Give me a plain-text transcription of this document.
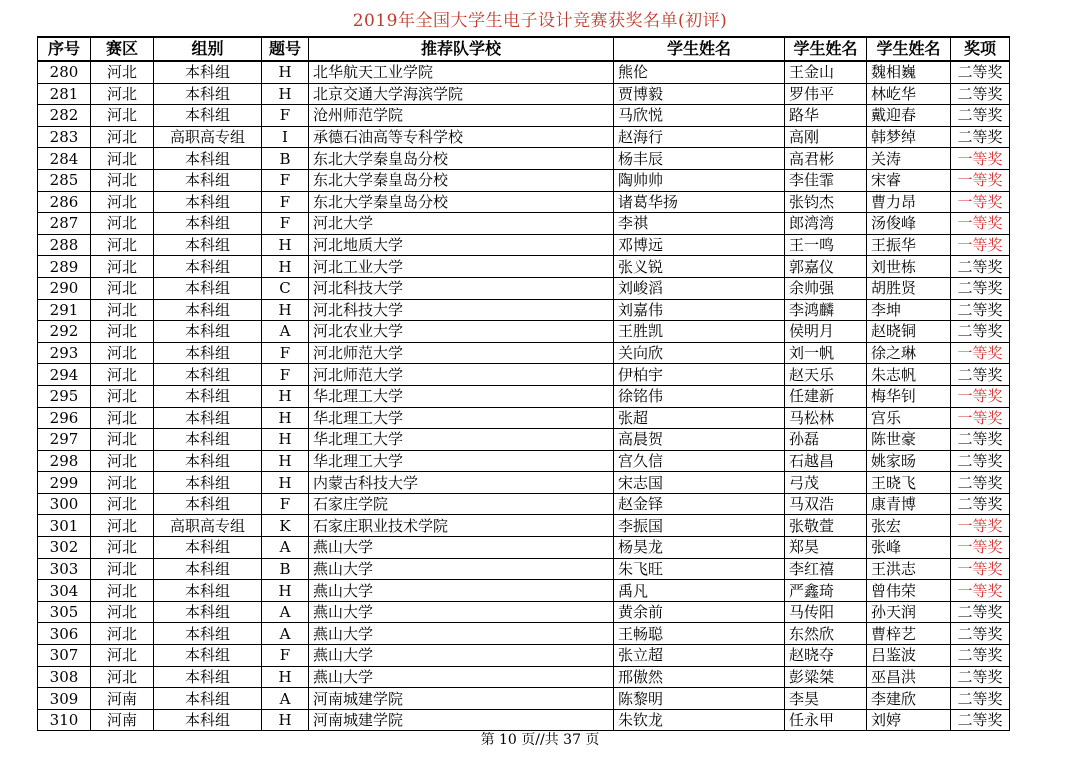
2019年全国大学生电子设计竞赛获奖名单(初评)
序号	赛区	组别	题号	推荐队学校	学生姓名	学生姓名	学生姓名	奖项
280	河北	本科组	H	北华航天工业学院	熊伦	王金山	魏相巍	二等奖
281	河北	本科组	H	北京交通大学海滨学院	贾博毅	罗伟平	林屹华	二等奖
282	河北	本科组	F	沧州师范学院	马欣悦	路华	戴迎春	二等奖
283	河北	高职高专组	I	承德石油高等专科学校	赵海行	高刚	韩梦绰	二等奖
284	河北	本科组	B	东北大学秦皇岛分校	杨丰辰	高君彬	关涛	一等奖
285	河北	本科组	F	东北大学秦皇岛分校	陶帅帅	李佳霏	宋睿	一等奖
286	河北	本科组	F	东北大学秦皇岛分校	诸葛华扬	张钧杰	曹力昂	一等奖
287	河北	本科组	F	河北大学	李祺	郎湾湾	汤俊峰	一等奖
288	河北	本科组	H	河北地质大学	邓博远	王一鸣	王振华	一等奖
289	河北	本科组	H	河北工业大学	张义锐	郭嘉仪	刘世栋	二等奖
290	河北	本科组	C	河北科技大学	刘峻滔	余帅强	胡胜贤	二等奖
291	河北	本科组	H	河北科技大学	刘嘉伟	李鸿麟	李坤	二等奖
292	河北	本科组	A	河北农业大学	王胜凯	侯明月	赵晓铜	二等奖
293	河北	本科组	F	河北师范大学	关向欣	刘一帆	徐之琳	一等奖
294	河北	本科组	F	河北师范大学	伊柏宇	赵天乐	朱志帆	二等奖
295	河北	本科组	H	华北理工大学	徐铭伟	任建新	梅华钊	一等奖
296	河北	本科组	H	华北理工大学	张超	马松林	宫乐	一等奖
297	河北	本科组	H	华北理工大学	高晨贺	孙磊	陈世豪	二等奖
298	河北	本科组	H	华北理工大学	宫久信	石越昌	姚家旸	二等奖
299	河北	本科组	H	内蒙古科技大学	宋志国	弓茂	王晓飞	二等奖
300	河北	本科组	F	石家庄学院	赵金铎	马双浩	康青博	二等奖
301	河北	高职高专组	K	石家庄职业技术学院	李振国	张敬萱	张宏	一等奖
302	河北	本科组	A	燕山大学	杨昊龙	郑昊	张峰	一等奖
303	河北	本科组	B	燕山大学	朱飞旺	李红禧	王洪志	一等奖
304	河北	本科组	H	燕山大学	禹凡	严鑫琦	曾伟荣	一等奖
305	河北	本科组	A	燕山大学	黄余前	马传阳	孙天润	二等奖
306	河北	本科组	A	燕山大学	王畅聪	东然欣	曹梓艺	二等奖
307	河北	本科组	F	燕山大学	张立超	赵晓夺	吕鉴波	二等奖
308	河北	本科组	H	燕山大学	邢傲然	彭粱桀	巫昌洪	二等奖
309	河南	本科组	A	河南城建学院	陈黎明	李昊	李建欣	二等奖
310	河南	本科组	H	河南城建学院	朱钦龙	任永甲	刘婷	二等奖
第 10 页//共 37 页
